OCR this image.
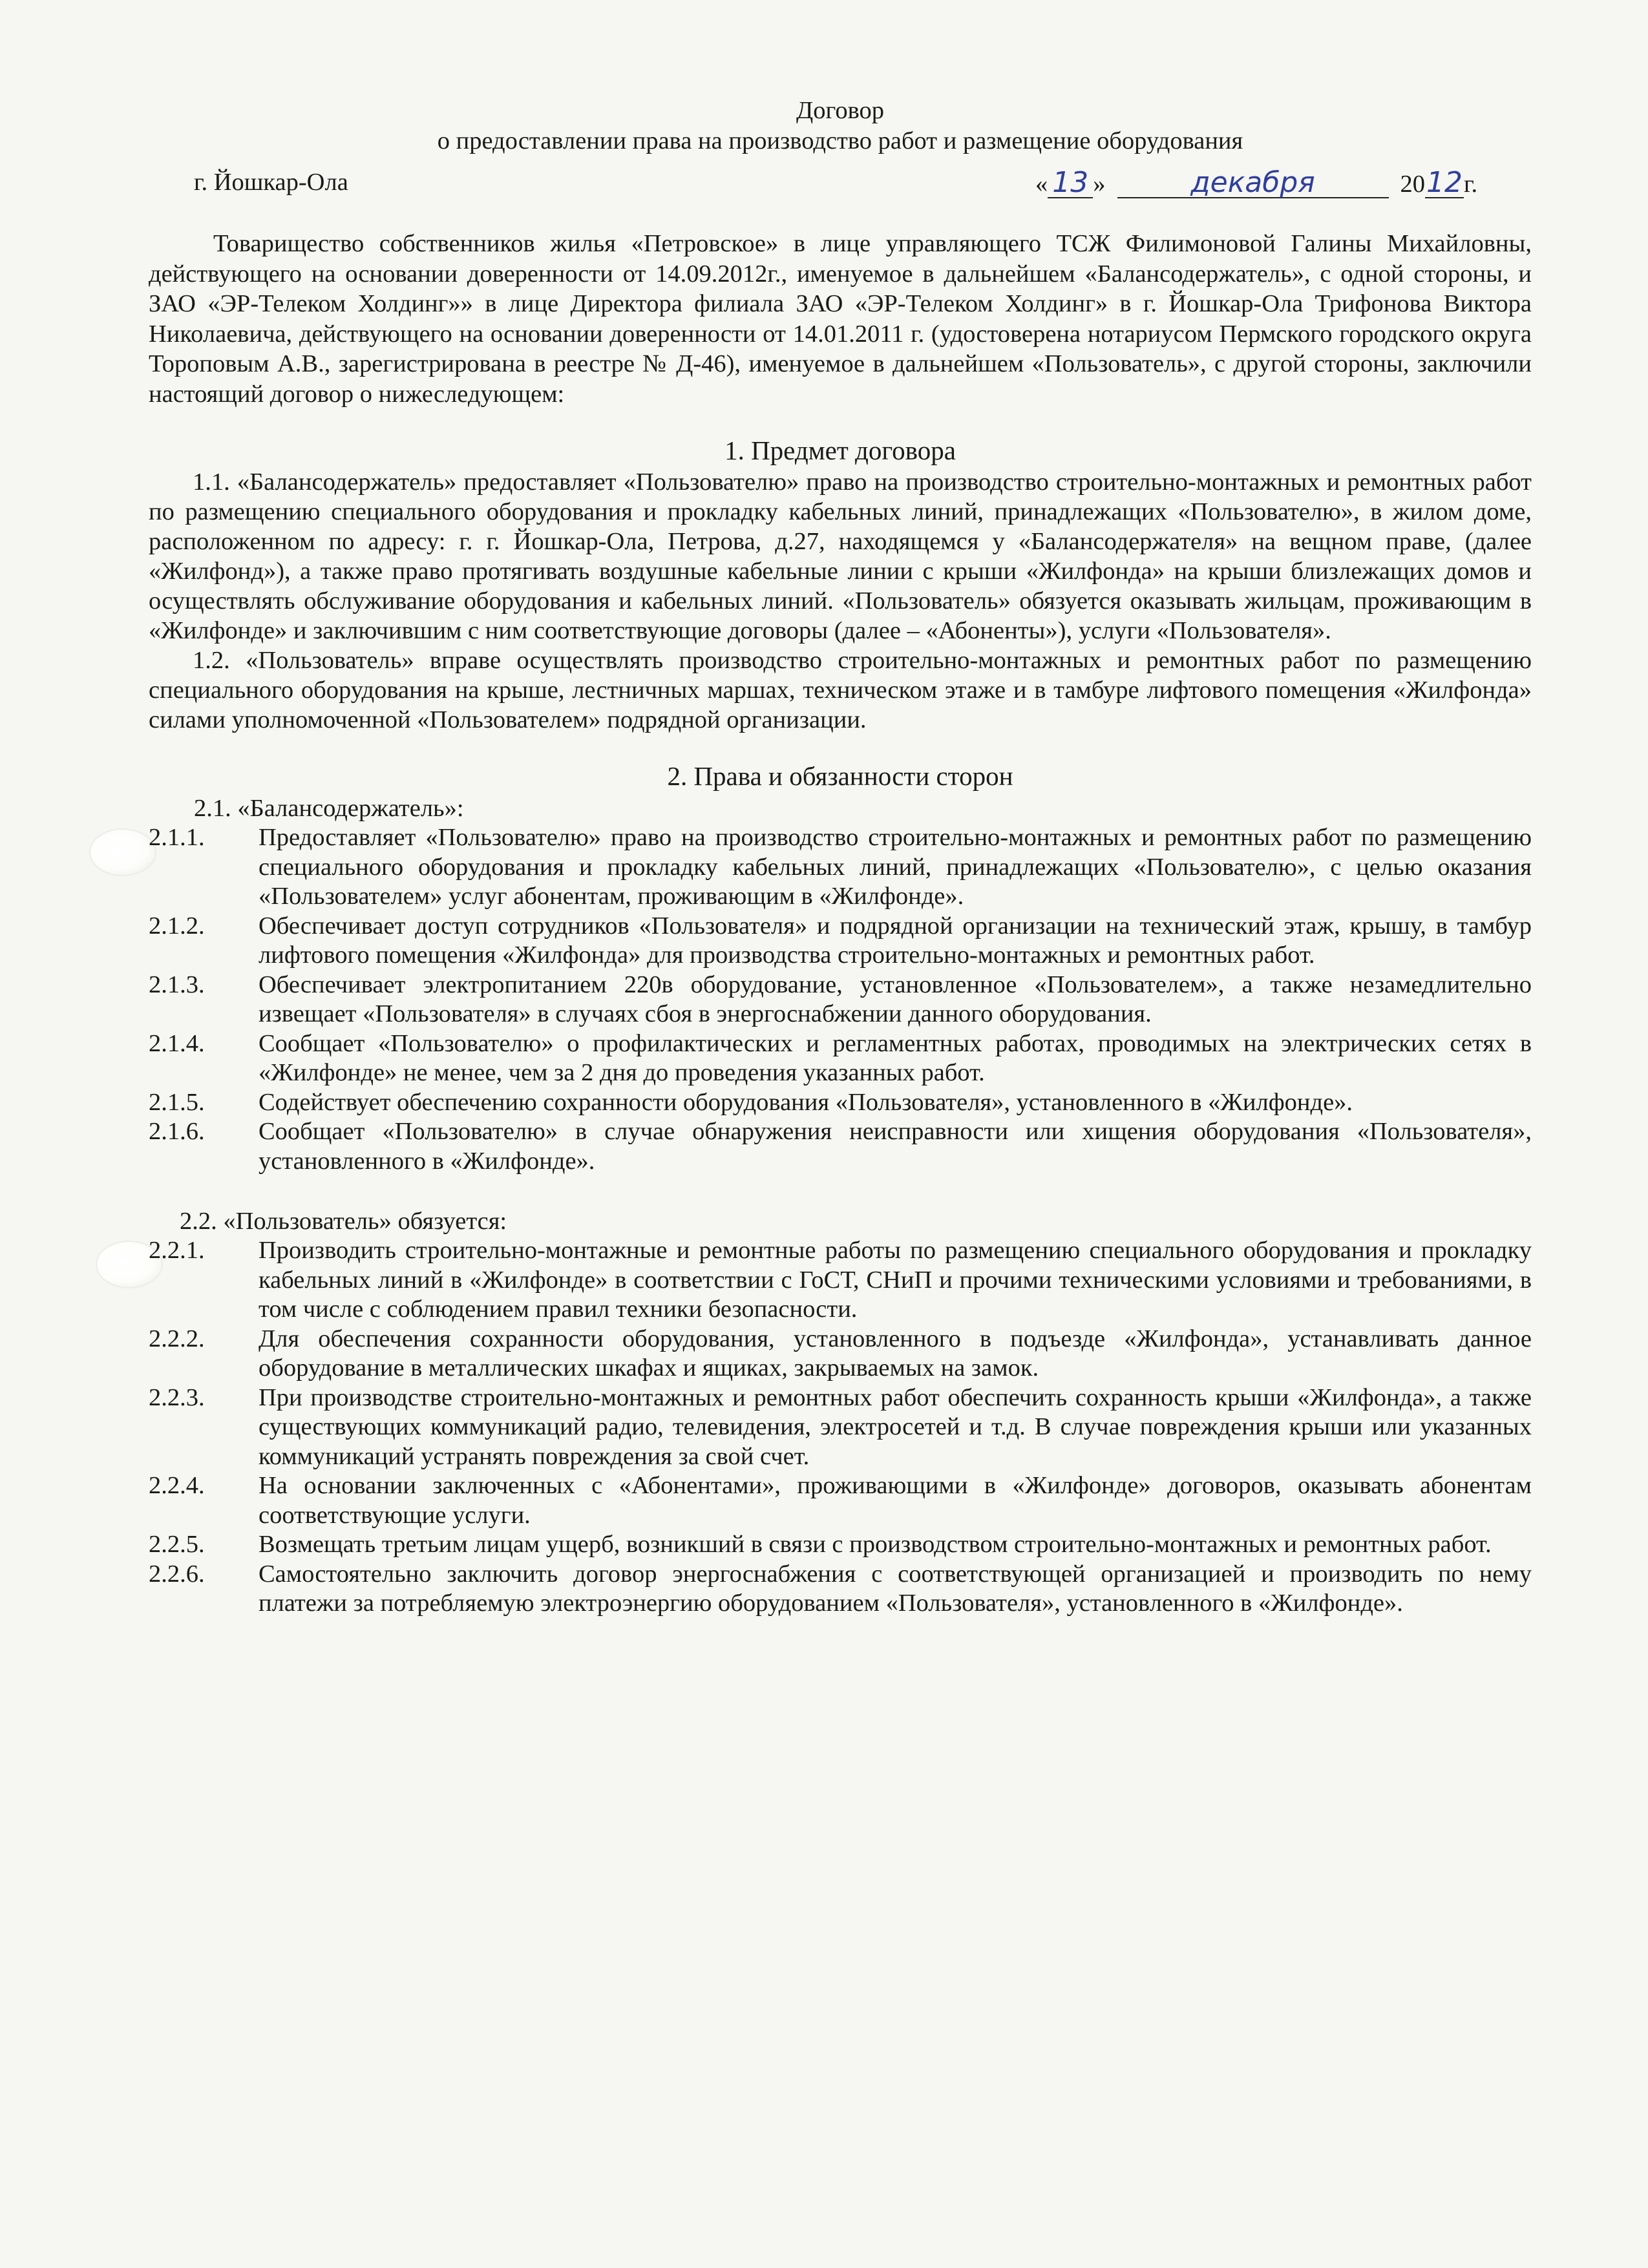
Договор
о предоставлении права на производство работ и размещение оборудования
г. Йошкар-Ола	« 13 »	декабря	2012г.

Товарищество собственников жилья «Петровское» в лице управляющего ТСЖ Филимоновой Галины Михайловны, действующего на основании доверенности от 14.09.2012г., именуемое в дальнейшем «Балансодержатель», с одной стороны, и ЗАО «ЭР-Телеком Холдинг»» в лице Директора филиала ЗАО «ЭР-Телеком Холдинг» в г. Йошкар-Ола Трифонова Виктора Николаевича, действующего на основании доверенности от 14.01.2011 г. (удостоверена нотариусом Пермского городского округа Тороповым А.В., зарегистрирована в реестре № Д-46), именуемое в дальнейшем «Пользователь», с другой стороны, заключили настоящий договор о нижеследующем:

1. Предмет договора

1.1. «Балансодержатель» предоставляет «Пользователю» право на производство строительно-монтажных и ремонтных работ по размещению специального оборудования и прокладку кабельных линий, принадлежащих «Пользователю», в жилом доме, расположенном по адресу: г. г. Йошкар-Ола, Петрова, д.27, находящемся у «Балансодержателя» на вещном праве, (далее «Жилфонд»), а также право протягивать воздушные кабельные линии с крыши «Жилфонда» на крыши близлежащих домов и осуществлять обслуживание оборудования и кабельных линий. «Пользователь» обязуется оказывать жильцам, проживающим в «Жилфонде» и заключившим с ним соответствующие договоры (далее – «Абоненты»), услуги «Пользователя».

1.2. «Пользователь» вправе осуществлять производство строительно-монтажных и ремонтных работ по размещению специального оборудования на крыше, лестничных маршах, техническом этаже и в тамбуре лифтового помещения «Жилфонда» силами уполномоченной «Пользователем» подрядной организации.

2. Права и обязанности сторон
2.1. «Балансодержатель»:
2.1.1.	Предоставляет «Пользователю» право на производство строительно-монтажных и ремонтных работ по размещению специального оборудования и прокладку кабельных линий, принадлежащих «Пользователю», с целью оказания «Пользователем» услуг абонентам, проживающим в «Жилфонде».
2.1.2.	Обеспечивает доступ сотрудников «Пользователя» и подрядной организации на технический этаж, крышу, в тамбур лифтового помещения «Жилфонда» для производства строительно-монтажных и ремонтных работ.
2.1.3.	Обеспечивает электропитанием 220в оборудование, установленное «Пользователем», а также незамедлительно извещает «Пользователя» в случаях сбоя в энергоснабжении данного оборудования.
2.1.4.	Сообщает «Пользователю» о профилактических и регламентных работах, проводимых на электрических сетях в «Жилфонде» не менее, чем за 2 дня до проведения указанных работ.
2.1.5.	Содействует обеспечению сохранности оборудования «Пользователя», установленного в «Жилфонде».
2.1.6.	Сообщает «Пользователю» в случае обнаружения неисправности или хищения оборудования «Пользователя», установленного в «Жилфонде».
2.2. «Пользователь» обязуется:
2.2.1.	Производить строительно-монтажные и ремонтные работы по размещению специального оборудования и прокладку кабельных линий в «Жилфонде» в соответствии с ГоСТ, СНиП и прочими техническими условиями и требованиями, в том числе с соблюдением правил техники безопасности.
2.2.2.	Для обеспечения сохранности оборудования, установленного в подъезде «Жилфонда», устанавливать данное оборудование в металлических шкафах и ящиках, закрываемых на замок.
2.2.3.	При производстве строительно-монтажных и ремонтных работ обеспечить сохранность крыши «Жилфонда», а также существующих коммуникаций радио, телевидения, электросетей и т.д. В случае повреждения крыши или указанных коммуникаций устранять повреждения за свой счет.
2.2.4.	На основании заключенных с «Абонентами», проживающими в «Жилфонде» договоров, оказывать абонентам соответствующие услуги.
2.2.5.	Возмещать третьим лицам ущерб, возникший в связи с производством строительно-монтажных и ремонтных работ.
2.2.6.	Самостоятельно заключить договор энергоснабжения с соответствующей организацией и производить по нему платежи за потребляемую электроэнергию оборудованием «Пользователя», установленного в «Жилфонде».
